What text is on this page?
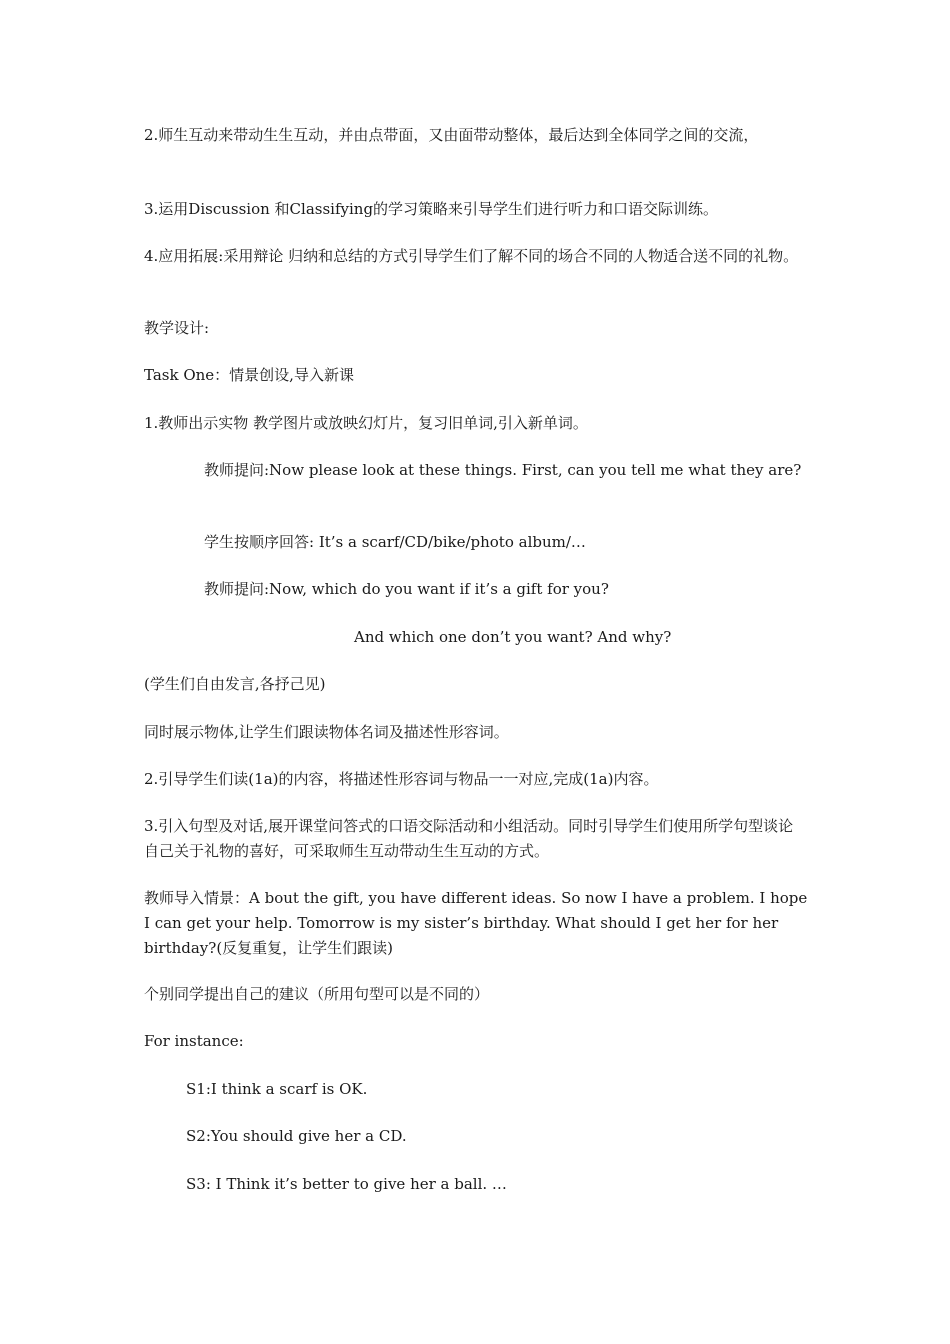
2.师生互动来带动生生互动，并由点带面，又由面带动整体，最后达到全体同学之间的交流，

3.运用Discussion 和Classifying的学习策略来引导学生们进行听力和口语交际训练。

4.应用拓展:采用辩论 归纳和总结的方式引导学生们了解不同的场合不同的人物适合送不同的礼物。

教学设计:

Task One：情景创设,导入新课

1.教师出示实物 教学图片或放映幻灯片，复习旧单词,引入新单词。

教师提问:Now please look at these things. First, can you tell me what they are?

学生按顺序回答: It’s a scarf/CD/bike/photo album/…

教师提问:Now, which do you want if it’s a gift for you?

And which one don’t you want? And why?

(学生们自由发言,各抒己见)

同时展示物体,让学生们跟读物体名词及描述性形容词。

2.引导学生们读(1a)的内容，将描述性形容词与物品一一对应,完成(1a)内容。

3.引入句型及对话,展开课堂问答式的口语交际活动和小组活动。同时引导学生们使用所学句型谈论自己关于礼物的喜好，可采取师生互动带动生生互动的方式。

教师导入情景：A bout the gift, you have different ideas. So now I have a problem. I hope I can get your help. Tomorrow is my sister’s birthday. What should I get her for her birthday?(反复重复，让学生们跟读)

个别同学提出自己的建议（所用句型可以是不同的）

For instance:

S1:I think a scarf is OK.

S2:You should give her a CD.

S3: I Think it’s better to give her a ball. …
